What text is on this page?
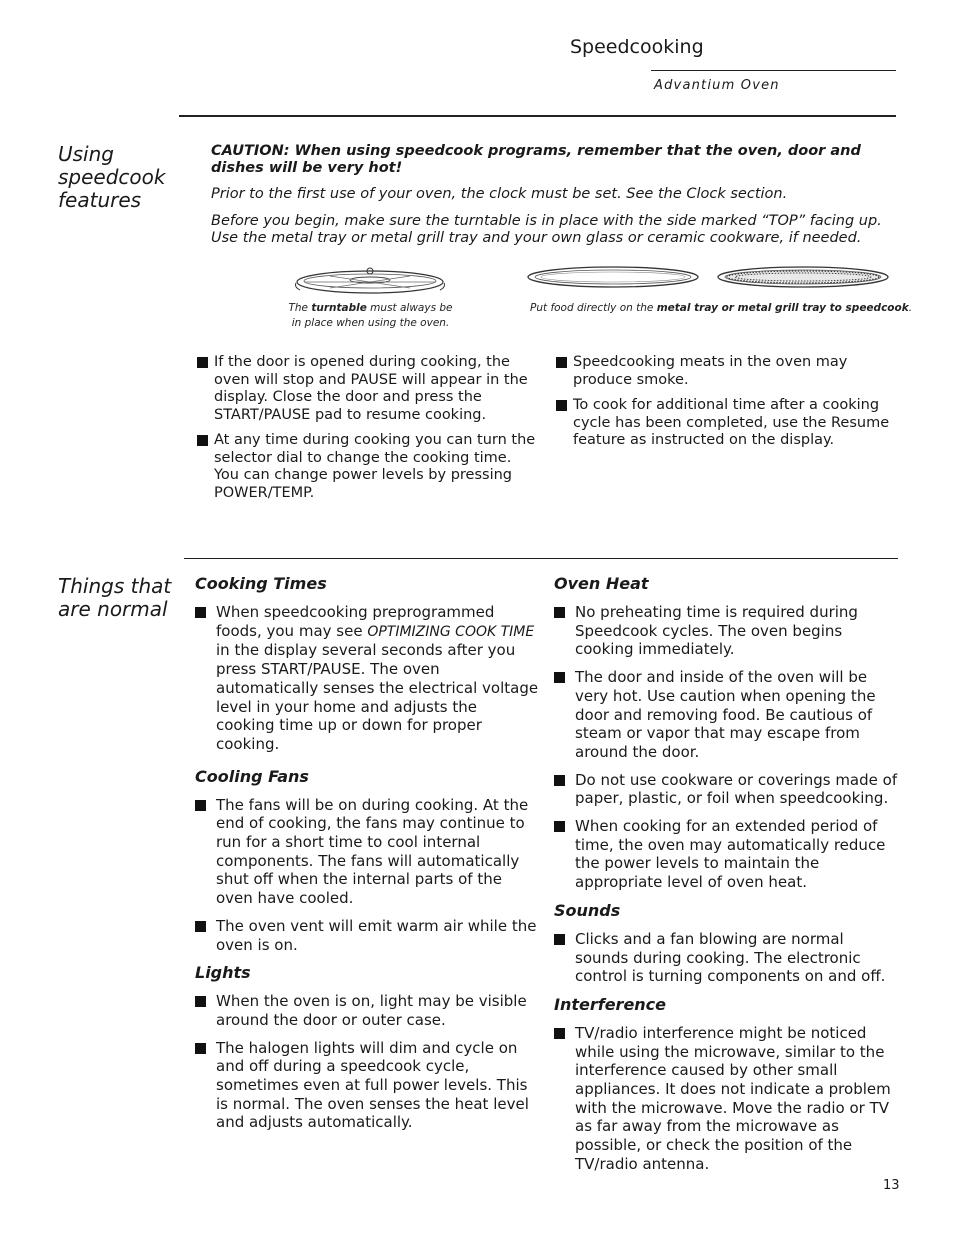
Speedcooking
Advantium Oven
Using speedcook features
CAUTION: When using speedcook programs, remember that the oven, door and dishes will be very hot!
Prior to the first use of your oven, the clock must be set. See the Clock section.
Before you begin, make sure the turntable is in place with the side marked “TOP” facing up. Use the metal tray or metal grill tray and your own glass or ceramic cookware, if needed.
The turntable must always be in place when using the oven.
Put food directly on the metal tray or metal grill tray to speedcook.
If the door is opened during cooking, the oven will stop and PAUSE will appear in the display. Close the door and press the START/PAUSE pad to resume cooking.
At any time during cooking you can turn the selector dial to change the cooking time. You can change power levels by pressing POWER/TEMP.
Speedcooking meats in the oven may produce smoke.
To cook for additional time after a cooking cycle has been completed, use the Resume feature as instructed on the display.
Things that are normal
Cooking Times
When speedcooking preprogrammed foods, you may see OPTIMIZING COOK TIME in the display several seconds after you press START/PAUSE. The oven automatically senses the electrical voltage level in your home and adjusts the cooking time up or down for proper cooking.
Cooling Fans
The fans will be on during cooking. At the end of cooking, the fans may continue to run for a short time to cool internal components. The fans will automatically shut off when the internal parts of the oven have cooled.
The oven vent will emit warm air while the oven is on.
Lights
When the oven is on, light may be visible around the door or outer case.
The halogen lights will dim and cycle on and off during a speedcook cycle, sometimes even at full power levels. This is normal. The oven senses the heat level and adjusts automatically.
Oven Heat
No preheating time is required during Speedcook cycles. The oven begins cooking immediately.
The door and inside of the oven will be very hot. Use caution when opening the door and removing food. Be cautious of steam or vapor that may escape from around the door.
Do not use cookware or coverings made of paper, plastic, or foil when speedcooking.
When cooking for an extended period of time, the oven may automatically reduce the power levels to maintain the appropriate level of oven heat.
Sounds
Clicks and a fan blowing are normal sounds during cooking. The electronic control is turning components on and off.
Interference
TV/radio interference might be noticed while using the microwave, similar to the interference caused by other small appliances. It does not indicate a problem with the microwave. Move the radio or TV as far away from the microwave as possible, or check the position of the TV/radio antenna.
13
